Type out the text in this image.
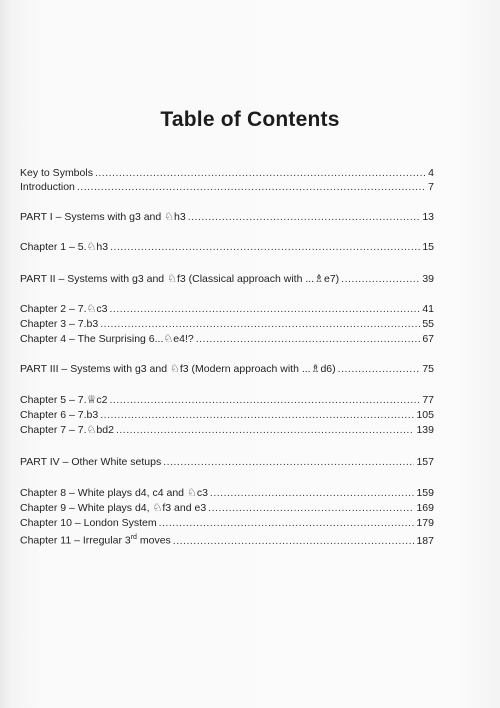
Table of Contents
Key to Symbols .....	4
Introduction .....	7
PART I – Systems with g3 and ♘h3 .....	13
Chapter 1 – 5.♘h3 .....	15
PART II – Systems with g3 and ♘f3 (Classical approach with ...♗e7) .....	39
Chapter 2 – 7.♘c3 .....	41
Chapter 3 – 7.b3 .....	55
Chapter 4 – The Surprising 6...♘e4!? .....	67
PART III – Systems with g3 and ♘f3 (Modern approach with ...♗d6) .....	75
Chapter 5 – 7.♕c2 .....	77
Chapter 6 – 7.b3 .....	105
Chapter 7 – 7.♘bd2 .....	139
PART IV – Other White setups .....	157
Chapter 8 – White plays d4, c4 and ♘c3 .....	159
Chapter 9 – White plays d4, ♘f3 and e3 .....	169
Chapter 10 – London System .....	179
Chapter 11 – Irregular 3rd moves .....	187
